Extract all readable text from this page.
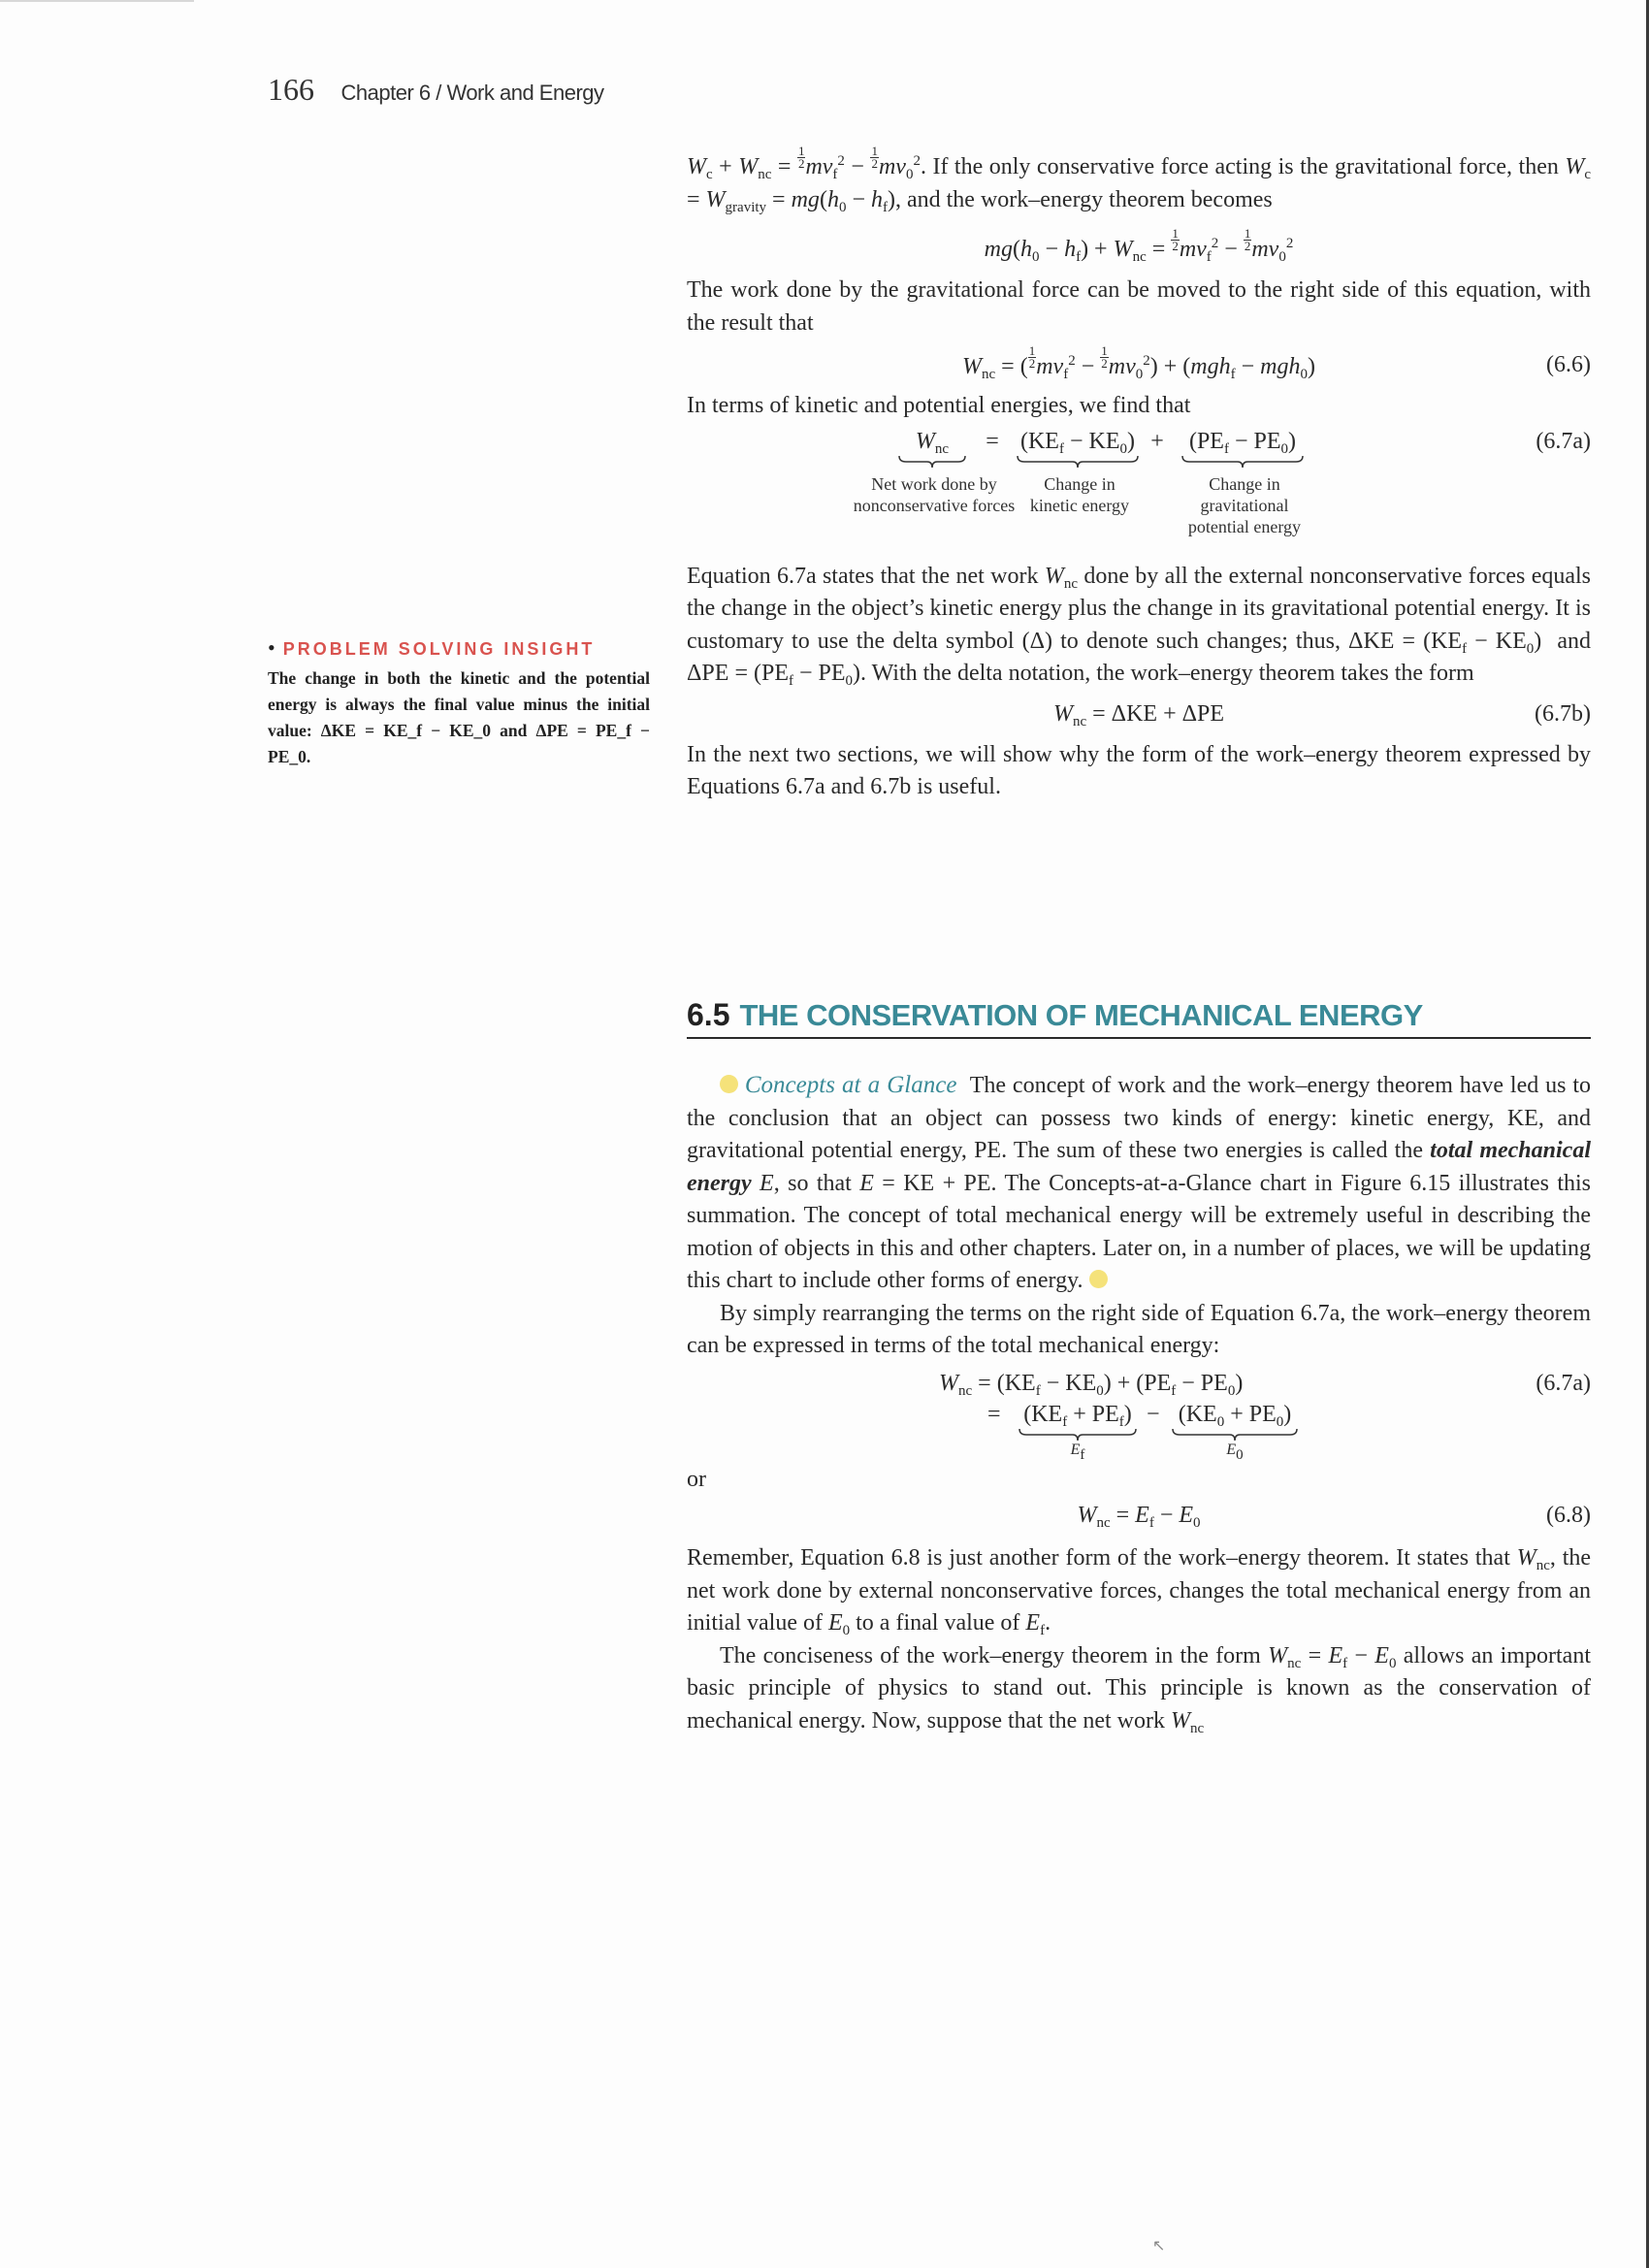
166 Chapter 6 / Work and Energy
• PROBLEM SOLVING INSIGHT
The change in both the kinetic and the potential energy is always the final value minus the initial value: ΔKE = KE_f − KE_0 and ΔPE = PE_f − PE_0.

$W_c + W_{nc} = \frac{1}{2} mv_f^2 - \frac{1}{2} mv_0^2$. If the only conservative force acting is the gravitational force, then $W_c = W_{gravity} = mg(h_0 - h_f)$, and the work–energy theorem becomes

$mg(h_0 - h_f) + W_{nc} = \frac{1}{2} mv_f^2 - \frac{1}{2} mv_0^2$

The work done by the gravitational force can be moved to the right side of this equation, with the result that

$W_{nc}$ = ( $\frac{1}{2} mv_f^2 - \frac{1}{2} mv_0^2) + (mgh_f - mgh_0)$	(6.6)

In terms of kinetic and potential energies, we find that

$W_{nc}$	= $(KE_f - KE_0)$ +	$(PE_f - PE_0)$	(6.7a)
Net work done by nonconservative forces
Change in kinetic energy
Change in gravitational potential energy

Equation 6.7a states that the net work $W_{nc}$ done by all the external nonconservative forces equals the change in the object’s kinetic energy plus the change in its gravitational potential energy. It is customary to use the delta symbol (Δ) to denote such changes; thus, $\Delta KE = (KE_f - KE_0)$  and $\Delta PE = (PE_f - PE_0)$. With the delta notation, the work–energy theorem takes the form

$W_{nc} = \Delta KE + \Delta PE$	(6.7b)

In the next two sections, we will show why the form of the work–energy theorem expressed by Equations 6.7a and 6.7b is useful.

6.5 THE CONSERVATION OF MECHANICAL ENERGY

Concepts at a Glance The concept of work and the work–energy theorem have led us to the conclusion that an object can possess two kinds of energy: kinetic energy, KE, and gravitational potential energy, PE. The sum of these two energies is called the total mechanical energy E, so that E = KE + PE. The Concepts-at-a-Glance chart in Figure 6.15 illustrates this summation. The concept of total mechanical energy will be extremely useful in describing the motion of objects in this and other chapters. Later on, in a number of places, we will be updating this chart to include other forms of energy.

By simply rearranging the terms on the right side of Equation 6.7a, the work–energy theorem can be expressed in terms of the total mechanical energy:

$W_{nc} = (KE_f - KE_0) + (PE_f - PE_0)$	(6.7a)
= $(KE_f + PE_f)$
$E_f$
− $(KE_0 + PE_0)$
$E_0$

or

$W_{nc} = E_f - E_0$	(6.8)

Remember, Equation 6.8 is just another form of the work–energy theorem. It states that $W_{nc}$, the net work done by external nonconservative forces, changes the total mechanical energy from an initial value of $E_0$ to a final value of $E_f$.

The conciseness of the work–energy theorem in the form $W_{nc} = E_f - E_0$ allows an important basic principle of physics to stand out. This principle is known as the conservation of mechanical energy. Now, suppose that the net work $W_{nc}$

↖
